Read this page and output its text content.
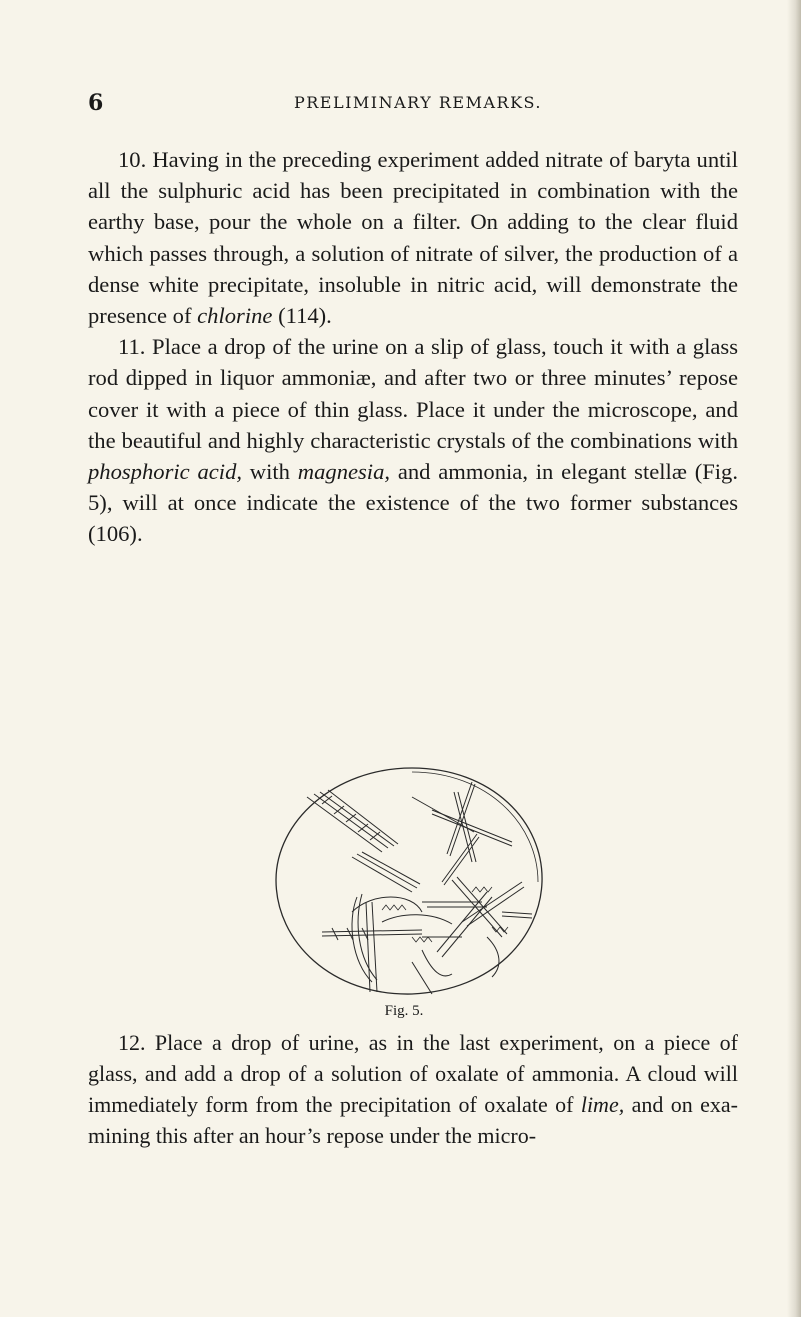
6	PRELIMINARY REMARKS.

10. Having in the preceding experiment added nitrate of baryta until all the sulphuric acid has been precipitated in combination with the earthy base, pour the whole on a filter. On adding to the clear fluid which passes through, a solution of nitrate of silver, the production of a dense white precipitate, insoluble in nitric acid, will demonstrate the presence of chlorine (114).

11. Place a drop of the urine on a slip of glass, touch it with a glass rod dipped in liquor ammoniæ, and after two or three minutes’ repose cover it with a piece of thin glass. Place it under the microscope, and the beautiful and highly characteristic crystals of the combinations with phosphoric acid, with magnesia, and ammonia, in elegant stellæ (Fig. 5), will at once indicate the existence of the two former substances (106).

Fig. 5.

12. Place a drop of urine, as in the last experiment, on a piece of glass, and add a drop of a solution of oxalate of ammonia. A cloud will immediately form from the precipitation of oxalate of lime, and on exa-mining this after an hour’s repose under the micro-
